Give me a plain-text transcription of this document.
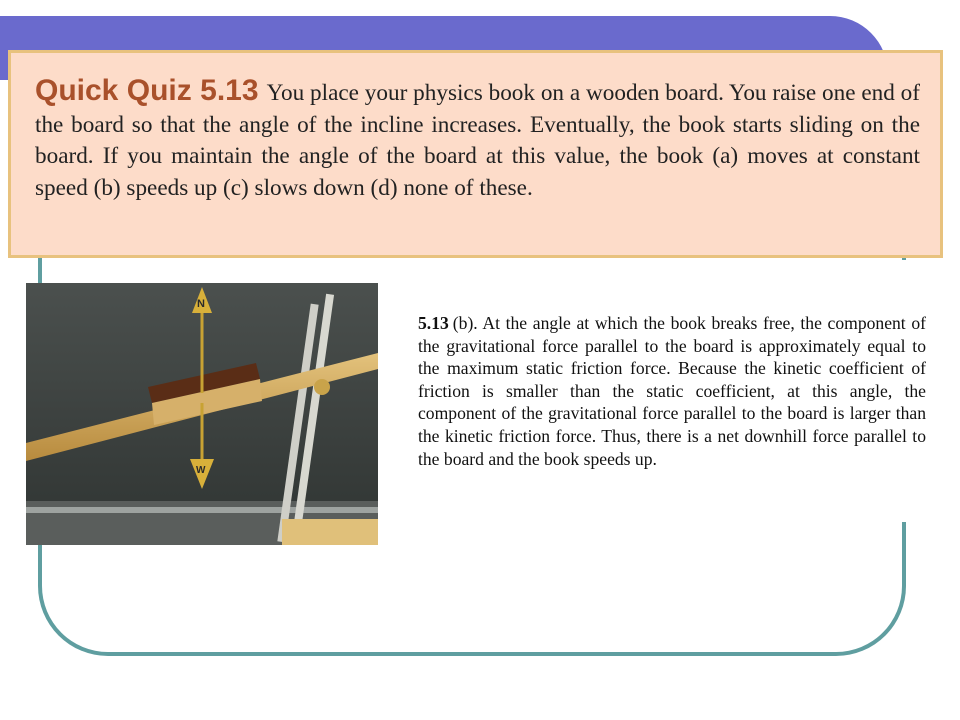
Quick Quiz 5.13 You place your physics book on a wooden board. You raise one end of the board so that the angle of the incline increases. Eventually, the book starts sliding on the board. If you maintain the angle of the board at this value, the book (a) moves at constant speed (b) speeds up (c) slows down (d) none of these.

N
W

5.13 (b). At the angle at which the book breaks free, the component of the gravitational force parallel to the board is approximately equal to the maximum static friction force. Because the kinetic coefficient of friction is smaller than the static coefficient, at this angle, the component of the gravitational force parallel to the board is larger than the kinetic friction force. Thus, there is a net downhill force parallel to the board and the book speeds up.
